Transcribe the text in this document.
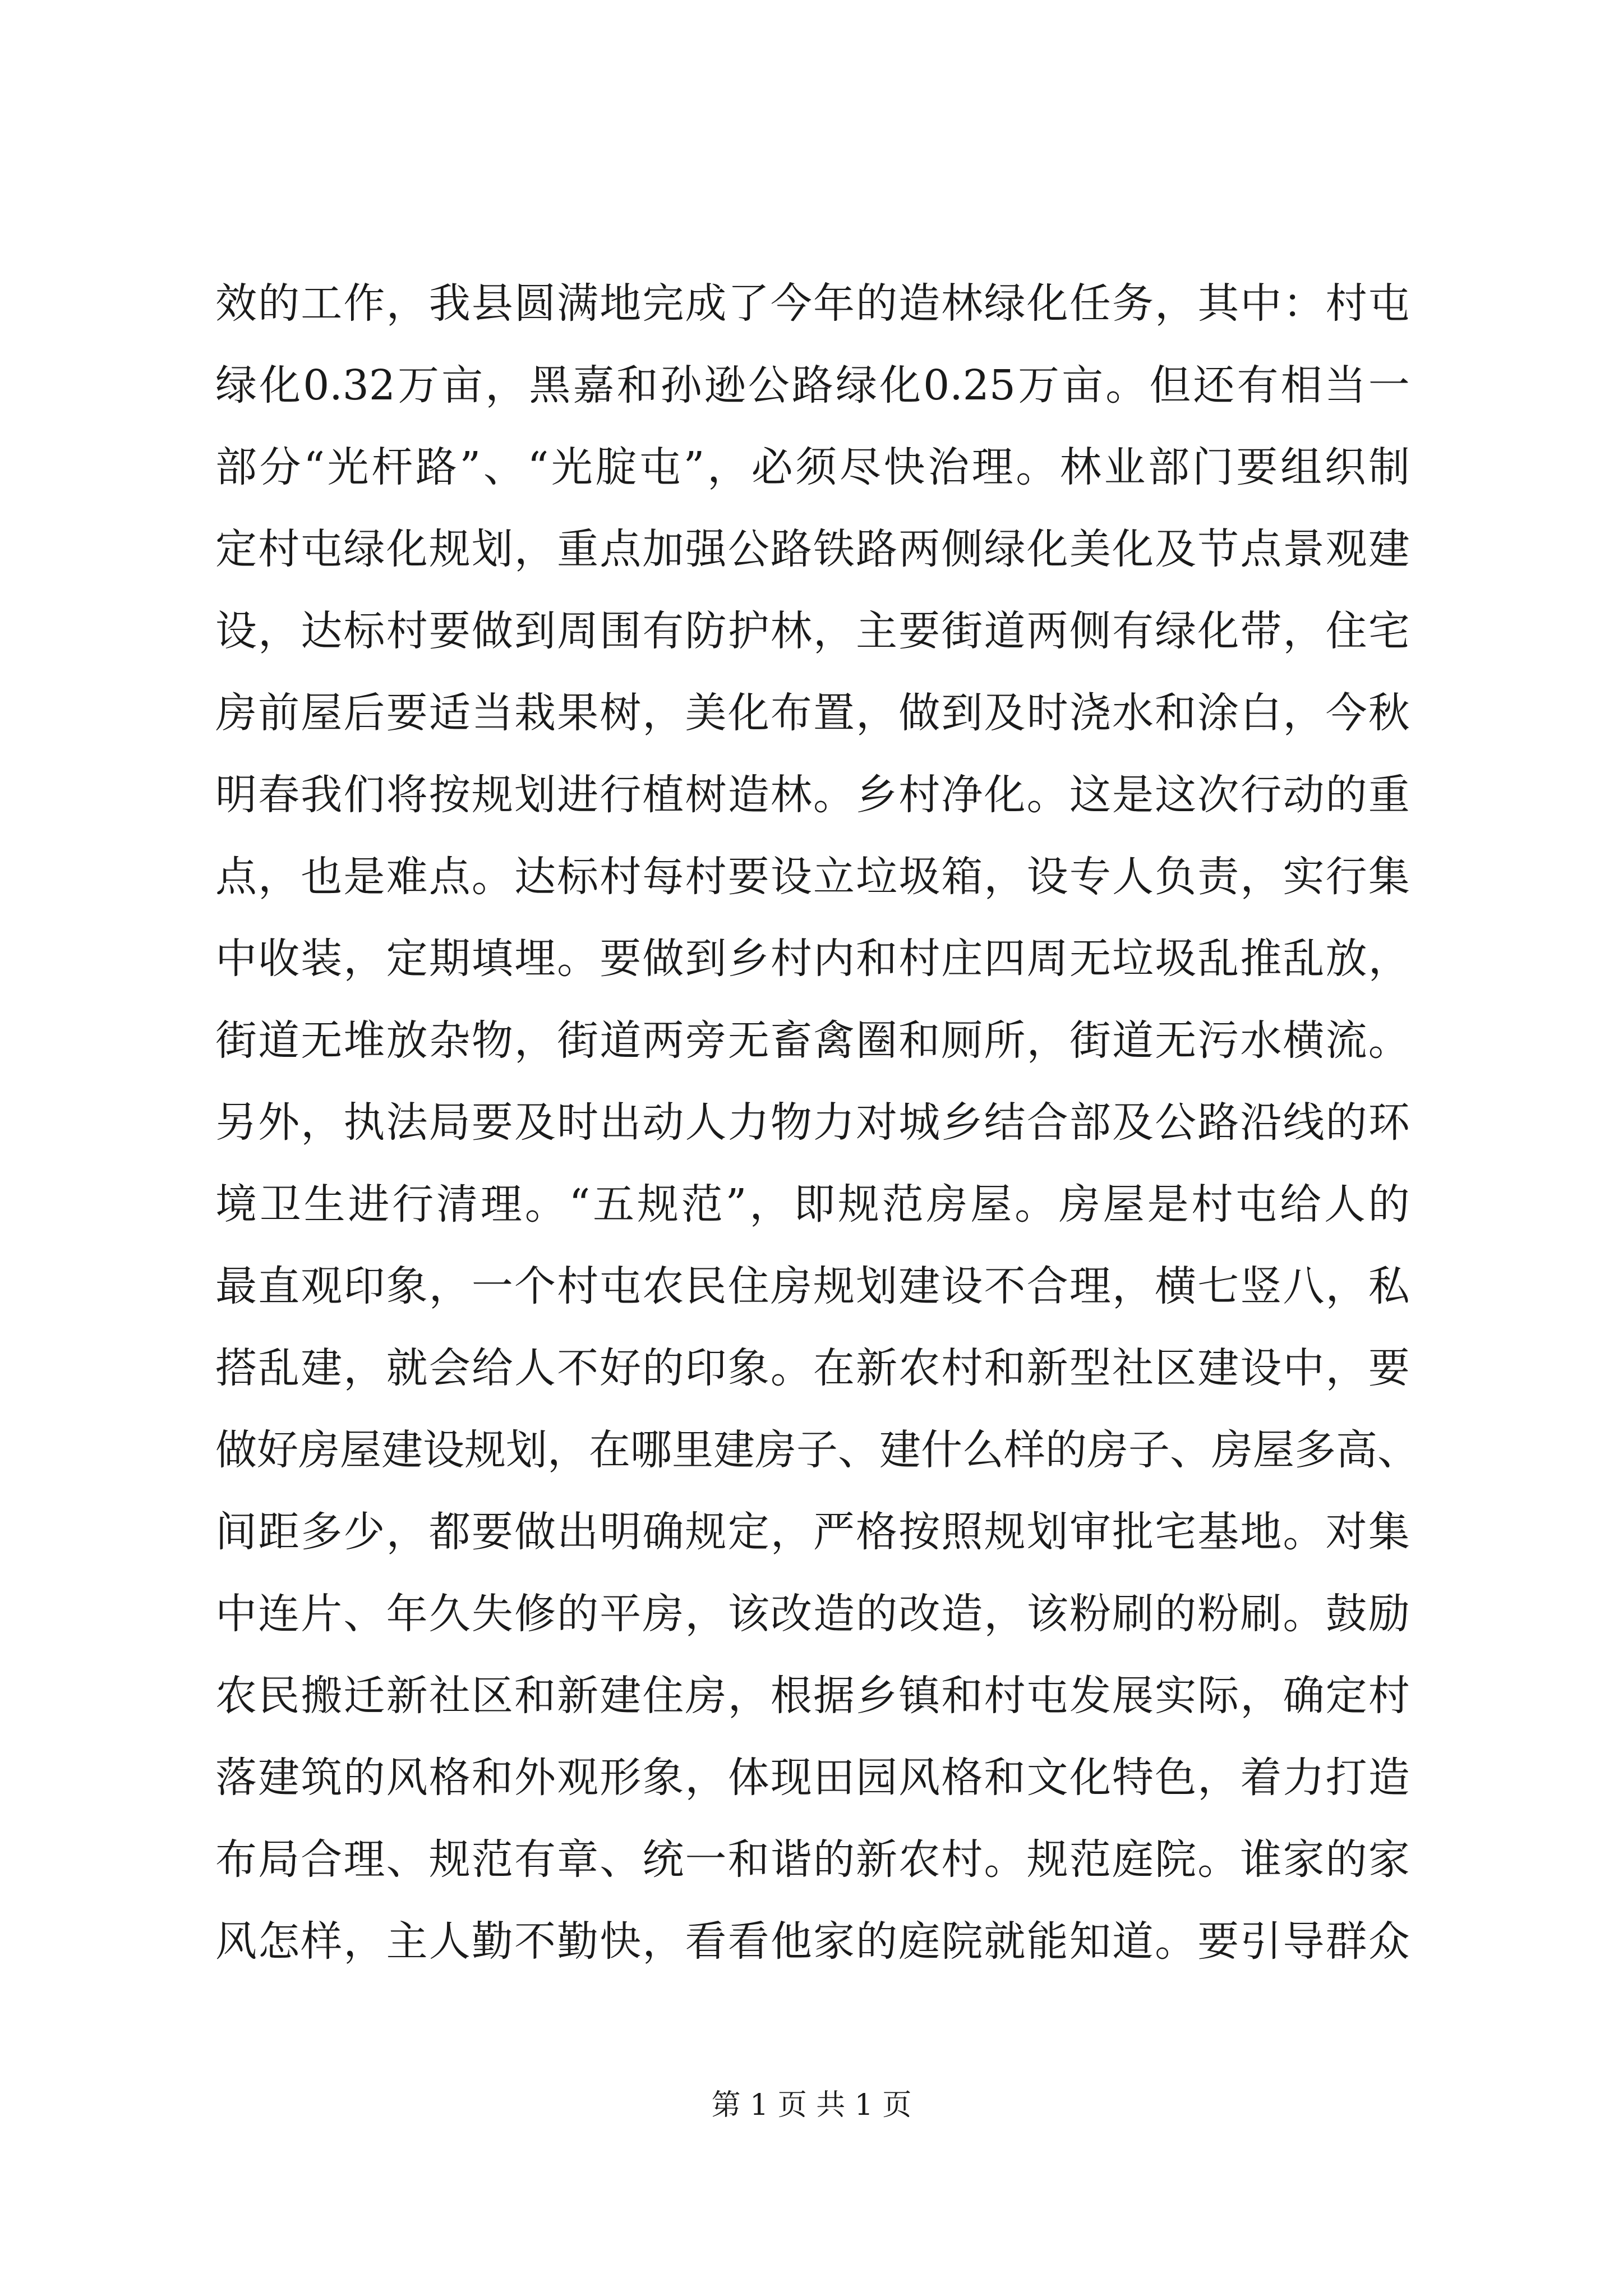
效 的 工 作 ， 我 县 圆 满 地 完 成 了 今 年 的 造 林 绿 化 任 务 ， 其 中 ： 村 屯
绿 化 0.32 万 亩 ， 黑 嘉 和 孙 逊 公 路 绿 化 0.25 万 亩 。 但 还 有 相 当 一
部 分 “ 光 杆 路 ” 、 “ 光 腚 屯 ” ， 必 须 尽 快 治 理 。 林 业 部 门 要 组 织 制
定 村 屯 绿 化 规 划 ， 重 点 加 强 公 路 铁 路 两 侧 绿 化 美 化 及 节 点 景 观 建
设 ， 达 标 村 要 做 到 周 围 有 防 护 林 ， 主 要 街 道 两 侧 有 绿 化 带 ， 住 宅
房 前 屋 后 要 适 当 栽 果 树 ， 美 化 布 置 ， 做 到 及 时 浇 水 和 涂 白 ， 今 秋
明 春 我 们 将 按 规 划 进 行 植 树 造 林 。 乡 村 净 化 。 这 是 这 次 行 动 的 重
点 ， 也 是 难 点 。 达 标 村 每 村 要 设 立 垃 圾 箱 ， 设 专 人 负 责 ， 实 行 集
中 收 装 ， 定 期 填 埋 。 要 做 到 乡 村 内 和 村 庄 四 周 无 垃 圾 乱 推 乱 放 ，
街 道 无 堆 放 杂 物 ， 街 道 两 旁 无 畜 禽 圈 和 厕 所 ， 街 道 无 污 水 横 流 。
另 外 ， 执 法 局 要 及 时 出 动 人 力 物 力 对 城 乡 结 合 部 及 公 路 沿 线 的 环
境 卫 生 进 行 清 理 。 “ 五 规 范 ” ， 即 规 范 房 屋 。 房 屋 是 村 屯 给 人 的
最 直 观 印 象 ， 一 个 村 屯 农 民 住 房 规 划 建 设 不 合 理 ， 横 七 竖 八 ， 私
搭 乱 建 ， 就 会 给 人 不 好 的 印 象 。 在 新 农 村 和 新 型 社 区 建 设 中 ， 要
做 好 房 屋 建 设 规 划 ， 在 哪 里 建 房 子 、 建 什 么 样 的 房 子 、 房 屋 多 高 、
间 距 多 少 ， 都 要 做 出 明 确 规 定 ， 严 格 按 照 规 划 审 批 宅 基 地 。 对 集
中 连 片 、 年 久 失 修 的 平 房 ， 该 改 造 的 改 造 ， 该 粉 刷 的 粉 刷 。 鼓 励
农 民 搬 迁 新 社 区 和 新 建 住 房 ， 根 据 乡 镇 和 村 屯 发 展 实 际 ， 确 定 村
落 建 筑 的 风 格 和 外 观 形 象 ， 体 现 田 园 风 格 和 文 化 特 色 ， 着 力 打 造
布 局 合 理 、 规 范 有 章 、 统 一 和 谐 的 新 农 村 。 规 范 庭 院 。 谁 家 的 家
风 怎 样 ， 主 人 勤 不 勤 快 ， 看 看 他 家 的 庭 院 就 能 知 道 。 要 引 导 群 众
第 1 页 共 1 页
